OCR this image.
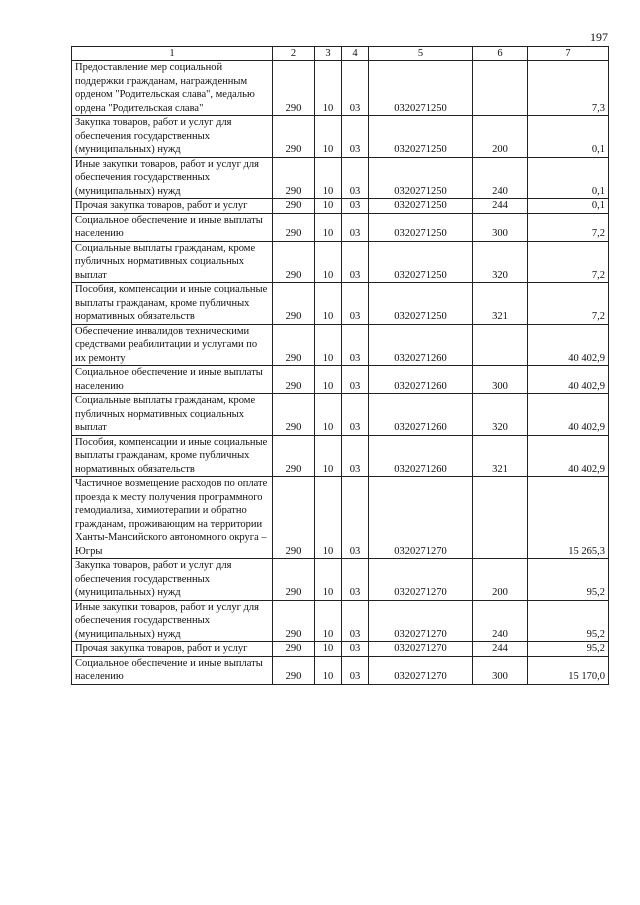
197
1	2	3	4	5	6	7
Предоставление мер социальной поддержки гражданам, награжденным орденом "Родительская слава", медалью ордена "Родительская слава"	290	10	03	0320271250		7,3
Закупка товаров, работ и услуг для обеспечения государственных (муниципальных) нужд	290	10	03	0320271250	200	0,1
Иные закупки товаров, работ и услуг для обеспечения государственных (муниципальных) нужд	290	10	03	0320271250	240	0,1
Прочая закупка товаров, работ и услуг	290	10	03	0320271250	244	0,1
Социальное обеспечение и иные выплаты населению	290	10	03	0320271250	300	7,2
Социальные выплаты гражданам, кроме публичных нормативных социальных выплат	290	10	03	0320271250	320	7,2
Пособия, компенсации и иные социальные выплаты гражданам, кроме публичных нормативных обязательств	290	10	03	0320271250	321	7,2
Обеспечение инвалидов техническими средствами реабилитации и услугами по их ремонту	290	10	03	0320271260		40 402,9
Социальное обеспечение и иные выплаты населению	290	10	03	0320271260	300	40 402,9
Социальные выплаты гражданам, кроме публичных нормативных социальных выплат	290	10	03	0320271260	320	40 402,9
Пособия, компенсации и иные социальные выплаты гражданам, кроме публичных нормативных обязательств	290	10	03	0320271260	321	40 402,9
Частичное возмещение расходов по оплате проезда к месту получения программного гемодиализа, химиотерапии и обратно гражданам, проживающим на территории Ханты-Мансийского автономного округа – Югры	290	10	03	0320271270		15 265,3
Закупка товаров, работ и услуг для обеспечения государственных (муниципальных) нужд	290	10	03	0320271270	200	95,2
Иные закупки товаров, работ и услуг для обеспечения государственных (муниципальных) нужд	290	10	03	0320271270	240	95,2
Прочая закупка товаров, работ и услуг	290	10	03	0320271270	244	95,2
Социальное обеспечение и иные выплаты населению	290	10	03	0320271270	300	15 170,0
